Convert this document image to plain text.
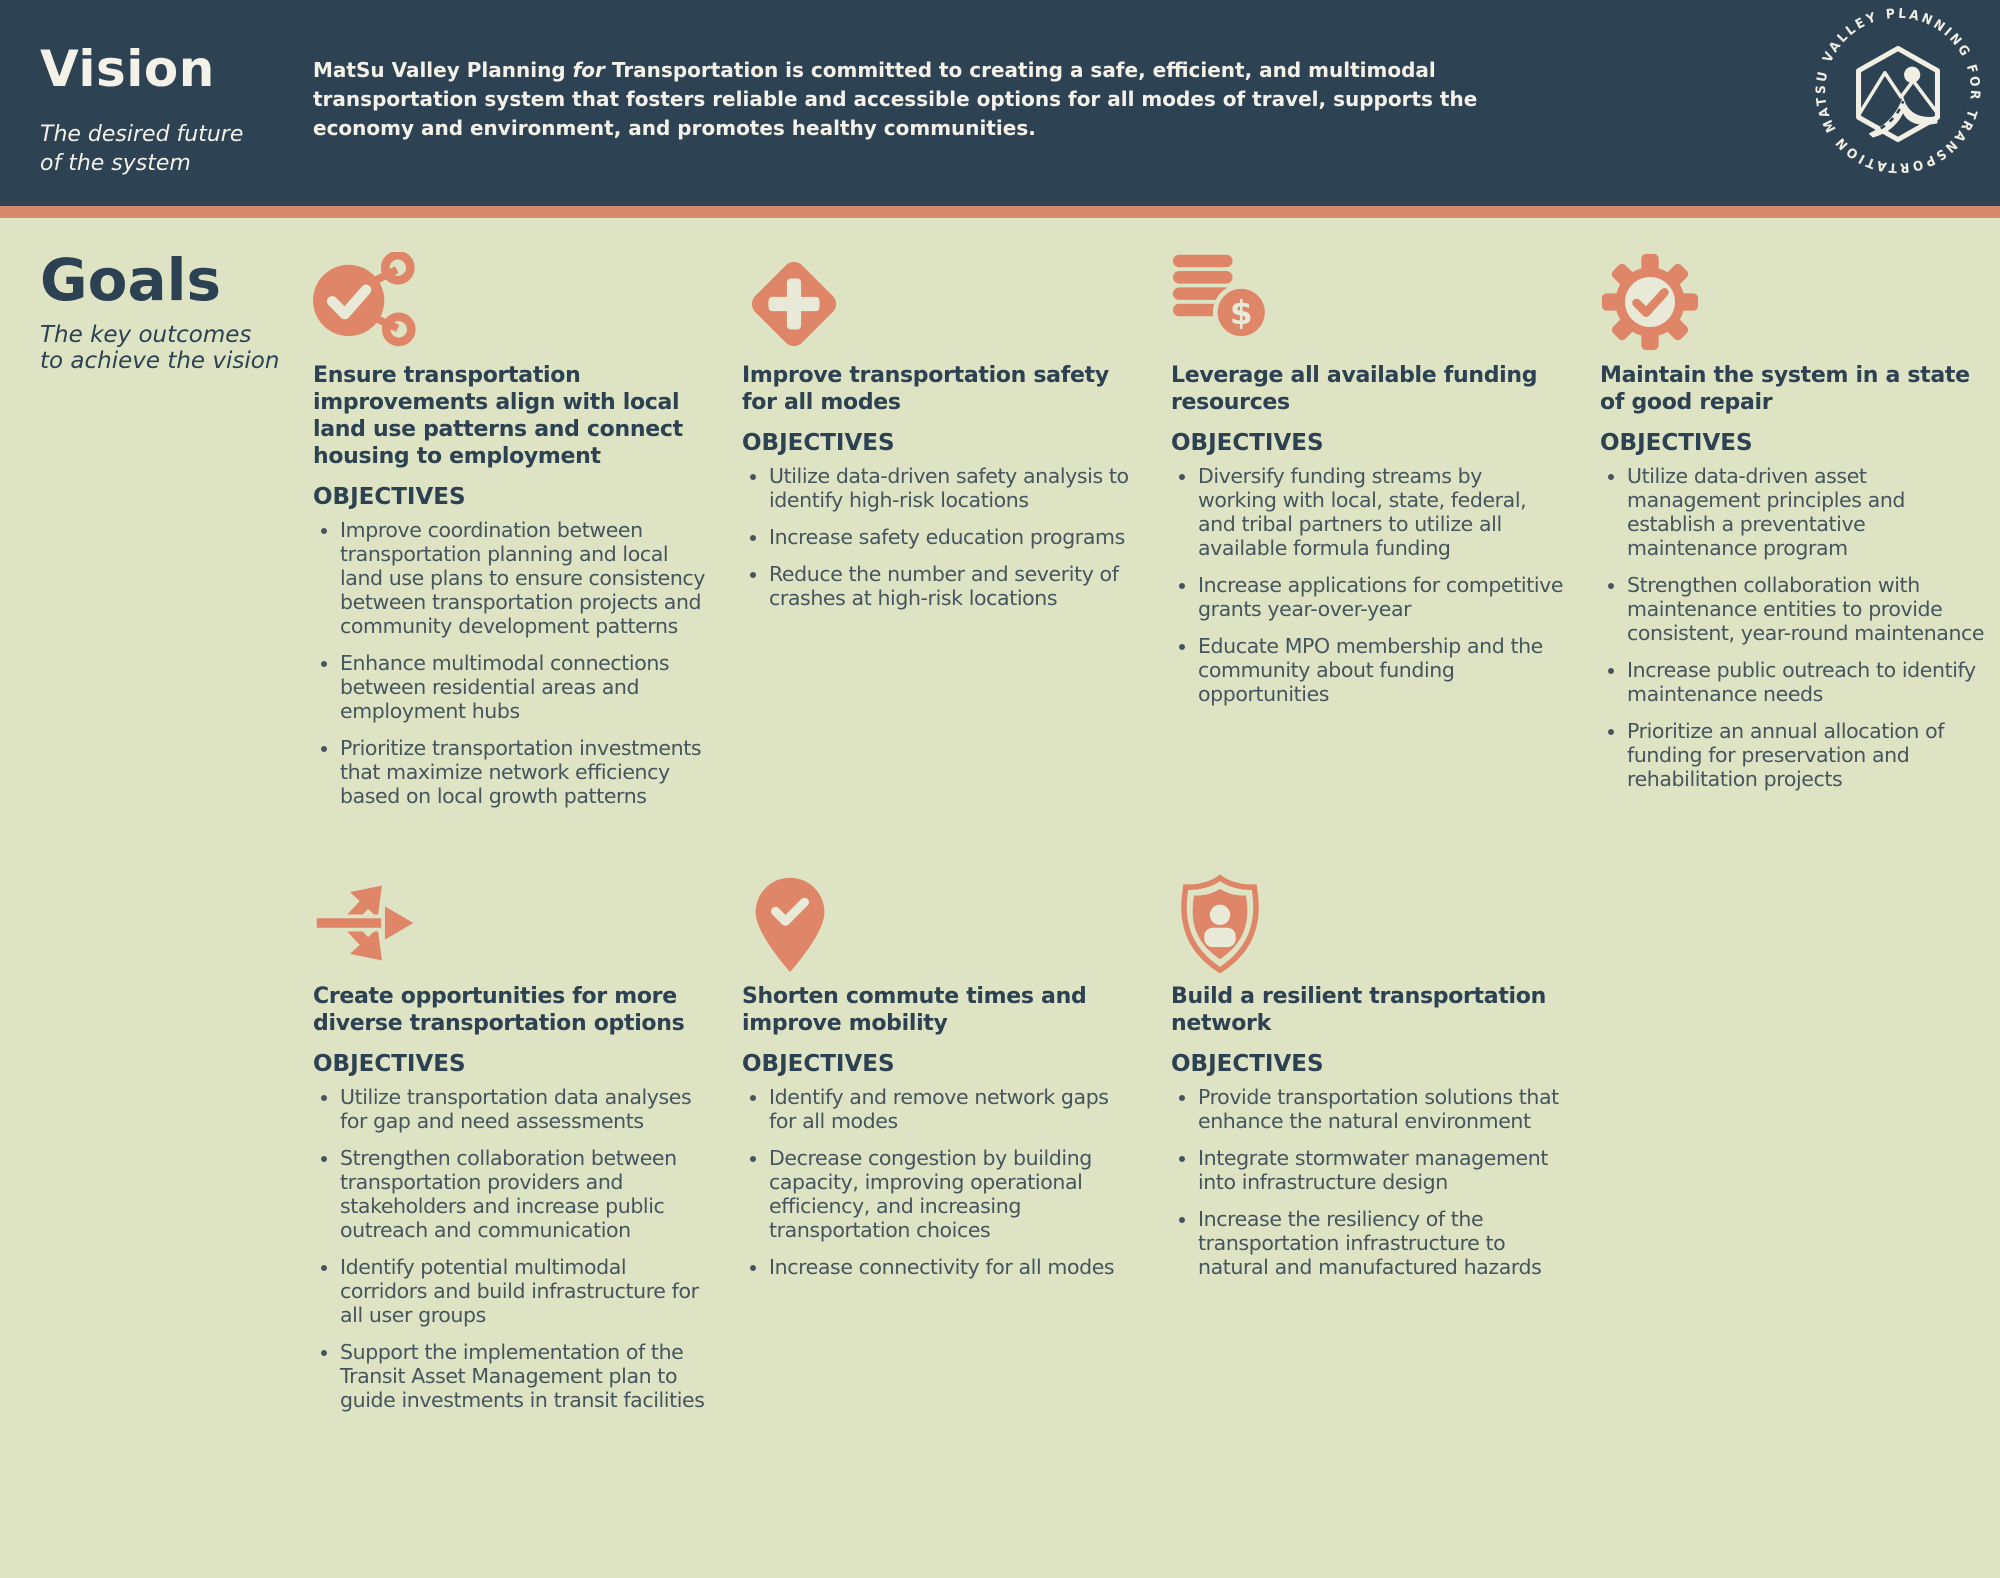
Vision

The desired future
of the system

MatSu Valley Planning for Transportation is committed to creating a safe, efficient, and multimodal transportation system that fosters reliable and accessible options for all modes of travel, supports the economy and environment, and promotes healthy communities.	MATSU VALLEY PLANNING FOR TRANSPORTATION
Goals

The key outcomes
to achieve the vision

Ensure transportation improvements align with local land use patterns and connect housing to employment
OBJECTIVES
• Improve coordination between transportation planning and local land use plans to ensure consistency between transportation projects and community development patterns
• Enhance multimodal connections between residential areas and employment hubs
• Prioritize transportation investments that maximize network efficiency based on local growth patterns
Improve transportation safety for all modes
OBJECTIVES
• Utilize data-driven safety analysis to identify high-risk locations
• Increase safety education programs
• Reduce the number and severity of crashes at high-risk locations
$
Leverage all available funding resources
OBJECTIVES
• Diversify funding streams by working with local, state, federal, and tribal partners to utilize all available formula funding
• Increase applications for competitive grants year-over-year
• Educate MPO membership and the community about funding opportunities
Maintain the system in a state of good repair
OBJECTIVES
• Utilize data-driven asset management principles and establish a preventative maintenance program
• Strengthen collaboration with maintenance entities to provide consistent, year-round maintenance
• Increase public outreach to identify maintenance needs
• Prioritize an annual allocation of funding for preservation and rehabilitation projects
Create opportunities for more diverse transportation options
OBJECTIVES
• Utilize transportation data analyses for gap and need assessments
• Strengthen collaboration between transportation providers and stakeholders and increase public outreach and communication
• Identify potential multimodal corridors and build infrastructure for all user groups
• Support the implementation of the Transit Asset Management plan to guide investments in transit facilities
Shorten commute times and improve mobility
OBJECTIVES
• Identify and remove network gaps for all modes
• Decrease congestion by building capacity, improving operational efficiency, and increasing transportation choices
• Increase connectivity for all modes
Build a resilient transportation network
OBJECTIVES
• Provide transportation solutions that enhance the natural environment
• Integrate stormwater management into infrastructure design
• Increase the resiliency of the transportation infrastructure to natural and manufactured hazards
